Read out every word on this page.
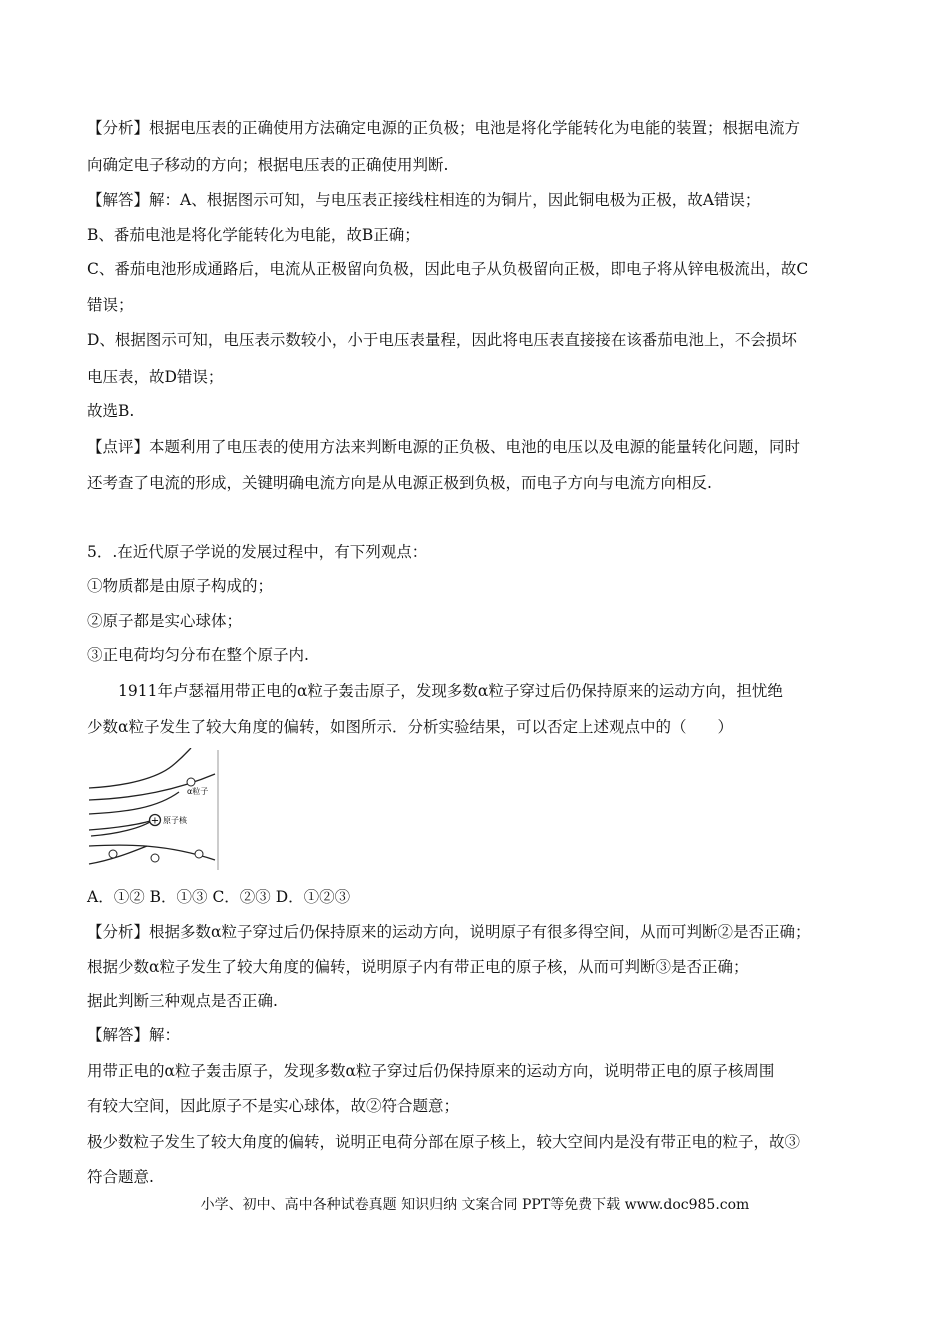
【分析】根据电压表的正确使用方法确定电源的正负极；电池是将化学能转化为电能的装置；根据电流方
向确定电子移动的方向；根据电压表的正确使用判断.
【解答】解：A、根据图示可知，与电压表正接线柱相连的为铜片，因此铜电极为正极，故A错误；
B、番茄电池是将化学能转化为电能，故B正确；
C、番茄电池形成通路后，电流从正极留向负极，因此电子从负极留向正极，即电子将从锌电极流出，故C
错误；
D、根据图示可知，电压表示数较小，小于电压表量程，因此将电压表直接接在该番茄电池上，不会损坏
电压表，故D错误；
故选B.
【点评】本题利用了电压表的使用方法来判断电源的正负极、电池的电压以及电源的能量转化问题，同时
还考查了电流的形成，关键明确电流方向是从电源正极到负极，而电子方向与电流方向相反.
5．.在近代原子学说的发展过程中，有下列观点：
①物质都是由原子构成的；
②原子都是实心球体；
③正电荷均匀分布在整个原子内.
1911年卢瑟福用带正电的α粒子轰击原子，发现多数α粒子穿过后仍保持原来的运动方向，担忧绝
少数α粒子发生了较大角度的偏转，如图所示．分析实验结果，可以否定上述观点中的（　　）
+
α粒子
原子核
A．①② B．①③ C．②③ D．①②③
【分析】根据多数α粒子穿过后仍保持原来的运动方向，说明原子有很多得空间，从而可判断②是否正确；
根据少数α粒子发生了较大角度的偏转，说明原子内有带正电的原子核，从而可判断③是否正确；
据此判断三种观点是否正确.
【解答】解：
用带正电的α粒子轰击原子，发现多数α粒子穿过后仍保持原来的运动方向，说明带正电的原子核周围
有较大空间，因此原子不是实心球体，故②符合题意；
极少数粒子发生了较大角度的偏转，说明正电荷分部在原子核上，较大空间内是没有带正电的粒子，故③
符合题意.
小学、初中、高中各种试卷真题 知识归纳 文案合同 PPT等免费下载 www.doc985.com
